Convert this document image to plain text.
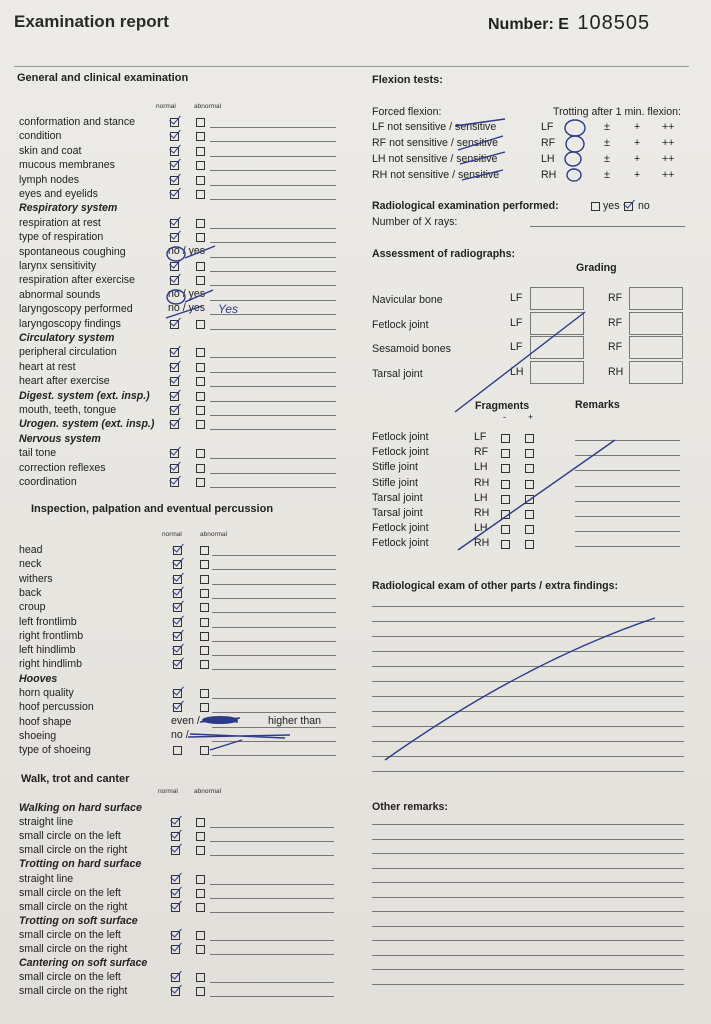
Examination report	Number: E 108505
General and clinical examination
normal	abnormal
conformation and stance
condition
skin and coat
mucous membranes
lymph nodes
eyes and eyelids
Respiratory system
respiration at rest
type of respiration
spontaneous coughing	no / yes
larynx sensitivity
respiration after exercise
abnormal sounds	no / yes
laryngoscopy performed	no / yes
laryngoscopy findings
Circulatory system
peripheral circulation
heart at rest
heart after exercise
Digest. system (ext. insp.)
mouth, teeth, tongue
Urogen. system (ext. insp.)
Nervous system
tail tone
correction reflexes
coordination
Inspection, palpation and eventual percussion
normal	abnormal
head
neck
withers
back
croup
left frontlimb
right frontlimb
left hindlimb
right hindlimb
Hooves
horn quality
hoof percussion
hoof shape	even /	higher than
shoeing	no /
type of shoeing
Walk, trot and canter
normal abnormal
Walking on hard surface
straight line
small circle on the left
small circle on the right
Trotting on hard surface
straight line
small circle on the left
small circle on the right
Trotting on soft surface
small circle on the left
small circle on the right
Cantering on soft surface
small circle on the left
small circle on the right
Flexion tests:
Forced flexion:	Trotting after 1 min. flexion:
LF not sensitive / sensitive	LF	± + ++
RF not sensitive / sensitive	RF	± + ++
LH not sensitive / sensitive	LH	± + ++
RH not sensitive / sensitive	RH	± + ++
Radiological examination performed:	yes no
Number of X rays:
Assessment of radiographs:
Grading
Navicular bone	LF	RF
Fetlock joint	LF	RF
Sesamoid bones	LF	RF
Tarsal joint	LH	RH
Fragments	Remarks
- +
Fetlock joint	LF
Fetlock joint	RF
Stifle joint	LH
Stifle joint	RH
Tarsal joint	LH
Tarsal joint	RH
Fetlock joint	LH
Fetlock joint	RH
Radiological exam of other parts / extra findings:
Other remarks:
Yes
